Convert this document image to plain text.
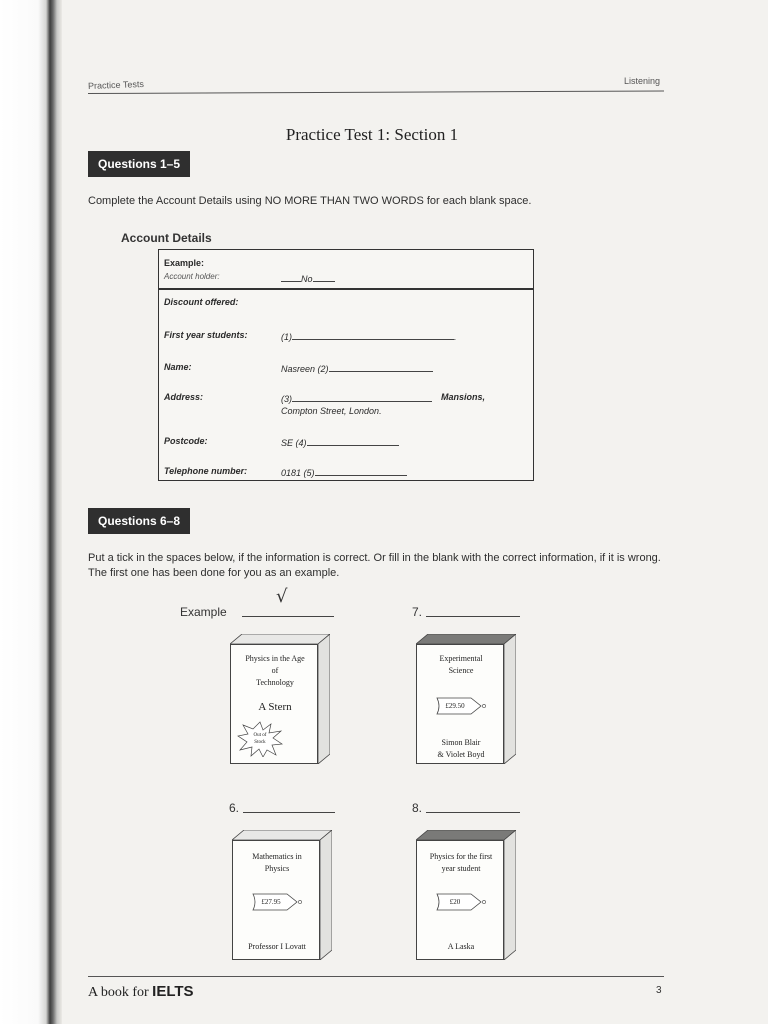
Practice Tests	Listening
Practice Test 1: Section 1
Questions 1–5
Complete the Account Details using NO MORE THAN TWO WORDS for each blank space.
Account Details
Example:
Account holder:	No
Discount offered:
First year students:	(1)	.
Name:	Nasreen (2)
Address:	(3)	Mansions,
Compton Street, London.
Postcode:	SE (4)
Telephone number:	0181 (5)
Questions 6–8
Put a tick in the spaces below, if the information is correct. Or fill in the blank with the correct information, if it is wrong. The first one has been done for you as an example.
Example
√
7.
6.	8.
Physics in the Age
of
Technology
A Stern
Out of
Stock
Experimental
Science
£29.50
Simon Blair
& Violet Boyd
Mathematics in
Physics
£27.95
Professor I Lovatt
Physics for the first
year student
£20
A Laska
A book for IELTS	3
